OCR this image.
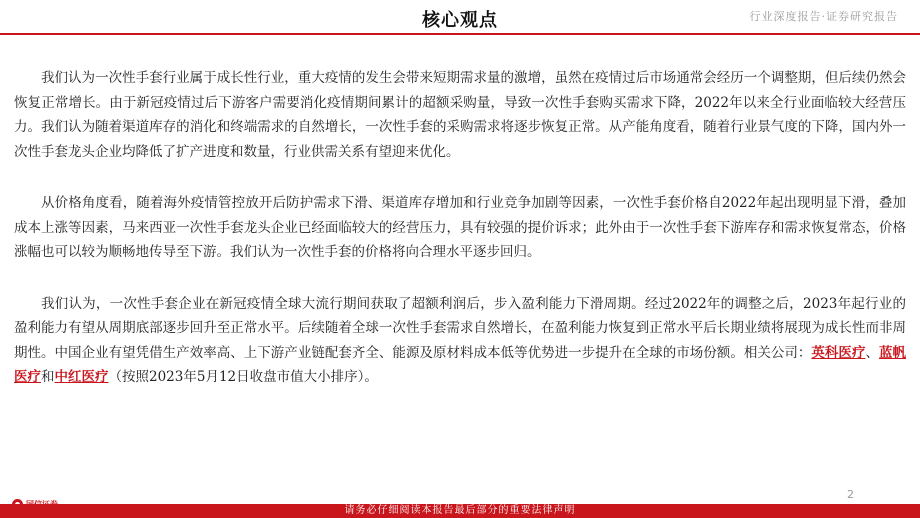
核心观点	行业深度报告·证券研究报告

我们认为一次性手套行业属于成长性行业，重大疫情的发生会带来短期需求量的激增，虽然在疫情过后市场通常会经历一个调整期，但后续仍然会恢复正常增长。由于新冠疫情过后下游客户需要消化疫情期间累计的超额采购量，导致一次性手套购买需求下降，2022年以来全行业面临较大经营压力。我们认为随着渠道库存的消化和终端需求的自然增长，一次性手套的采购需求将逐步恢复正常。从产能角度看，随着行业景气度的下降，国内外一次性手套龙头企业均降低了扩产进度和数量，行业供需关系有望迎来优化。

从价格角度看，随着海外疫情管控放开后防护需求下滑、渠道库存增加和行业竞争加剧等因素，一次性手套价格自2022年起出现明显下滑，叠加成本上涨等因素，马来西亚一次性手套龙头企业已经面临较大的经营压力，具有较强的提价诉求；此外由于一次性手套下游库存和需求恢复常态，价格涨幅也可以较为顺畅地传导至下游。我们认为一次性手套的价格将向合理水平逐步回归。

我们认为，一次性手套企业在新冠疫情全球大流行期间获取了超额利润后，步入盈利能力下滑周期。经过2022年的调整之后，2023年起行业的盈利能力有望从周期底部逐步回升至正常水平。后续随着全球一次性手套需求自然增长，在盈利能力恢复到正常水平后长期业绩将展现为成长性而非周期性。中国企业有望凭借生产效率高、上下游产业链配套齐全、能源及原材料成本低等优势进一步提升在全球的市场份额。相关公司：英科医疗、蓝帆医疗和中红医疗（按照2023年5月12日收盘市值大小排序）。

2
请务必仔细阅读本报告最后部分的重要法律声明
